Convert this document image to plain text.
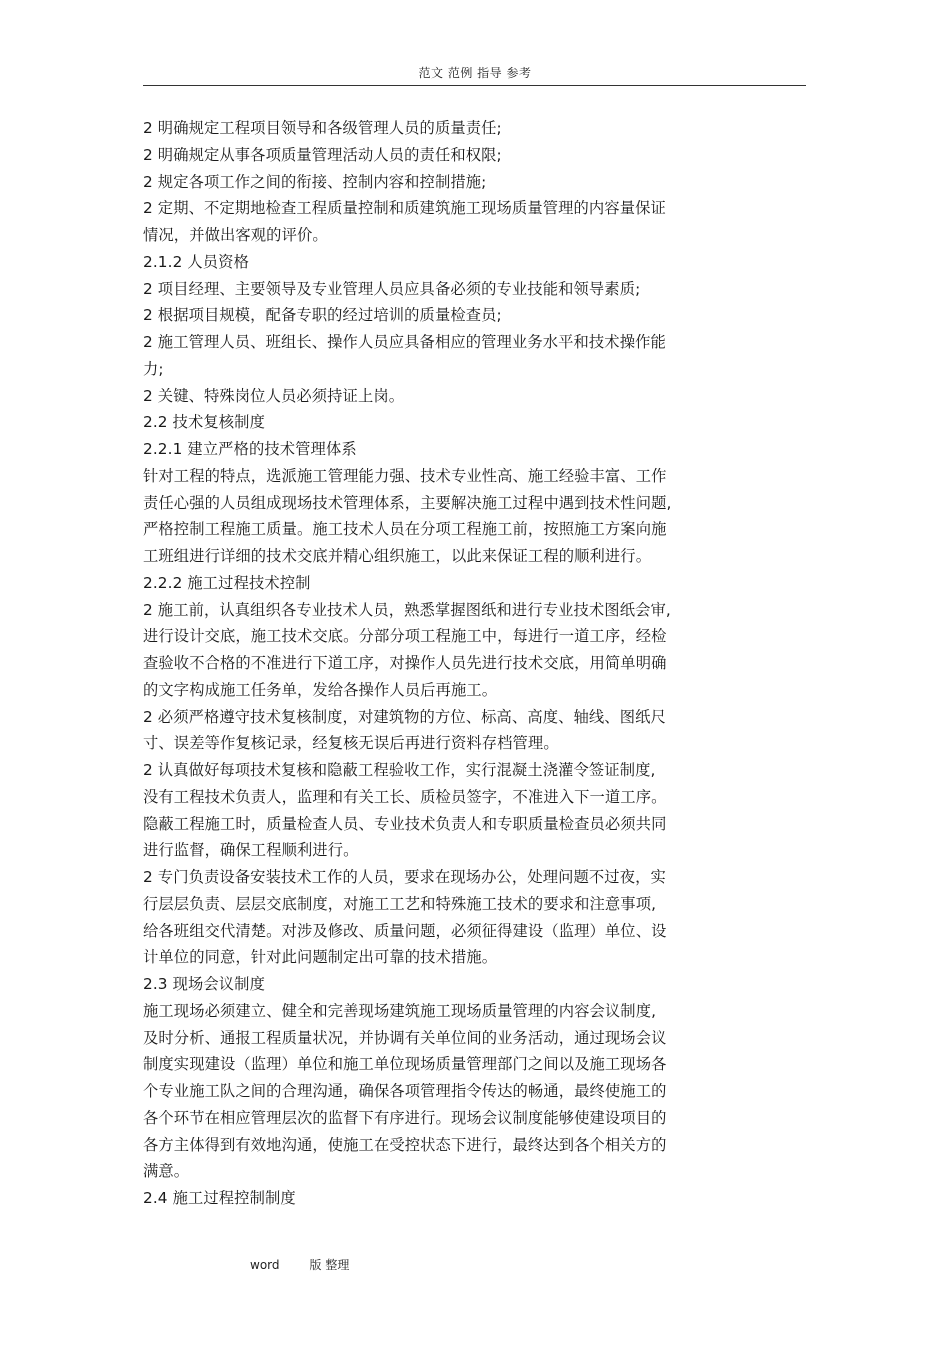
范文 范例 指导 参考
2 明确规定工程项目领导和各级管理人员的质量责任;
2 明确规定从事各项质量管理活动人员的责任和权限;
2 规定各项工作之间的衔接、控制内容和控制措施;
2 定期、不定期地检查工程质量控制和质建筑施工现场质量管理的内容量保证
情况，并做出客观的评价。
2.1.2 人员资格
2 项目经理、主要领导及专业管理人员应具备必须的专业技能和领导素质;
2 根据项目规模，配备专职的经过培训的质量检查员;
2 施工管理人员、班组长、操作人员应具备相应的管理业务水平和技术操作能
力;
2 关键、特殊岗位人员必须持证上岗。
2.2 技术复核制度
2.2.1 建立严格的技术管理体系
针对工程的特点，选派施工管理能力强、技术专业性高、施工经验丰富、工作
责任心强的人员组成现场技术管理体系，主要解决施工过程中遇到技术性问题,
严格控制工程施工质量。施工技术人员在分项工程施工前，按照施工方案向施
工班组进行详细的技术交底并精心组织施工，以此来保证工程的顺利进行。
2.2.2 施工过程技术控制
2 施工前，认真组织各专业技术人员，熟悉掌握图纸和进行专业技术图纸会审,
进行设计交底，施工技术交底。分部分项工程施工中，每进行一道工序，经检
查验收不合格的不准进行下道工序，对操作人员先进行技术交底，用简单明确
的文字构成施工任务单，发给各操作人员后再施工。
2 必须严格遵守技术复核制度，对建筑物的方位、标高、高度、轴线、图纸尺
寸、误差等作复核记录，经复核无误后再进行资料存档管理。
2 认真做好每项技术复核和隐蔽工程验收工作，实行混凝土浇灌令签证制度,
没有工程技术负责人，监理和有关工长、质检员签字，不准进入下一道工序。
隐蔽工程施工时，质量检查人员、专业技术负责人和专职质量检查员必须共同
进行监督，确保工程顺利进行。
2 专门负责设备安装技术工作的人员，要求在现场办公，处理问题不过夜，实
行层层负责、层层交底制度，对施工工艺和特殊施工技术的要求和注意事项,
给各班组交代清楚。对涉及修改、质量问题，必须征得建设（监理）单位、设
计单位的同意，针对此问题制定出可靠的技术措施。
2.3 现场会议制度
施工现场必须建立、健全和完善现场建筑施工现场质量管理的内容会议制度,
及时分析、通报工程质量状况，并协调有关单位间的业务活动，通过现场会议
制度实现建设（监理）单位和施工单位现场质量管理部门之间以及施工现场各
个专业施工队之间的合理沟通，确保各项管理指令传达的畅通，最终使施工的
各个环节在相应管理层次的监督下有序进行。现场会议制度能够使建设项目的
各方主体得到有效地沟通，使施工在受控状态下进行，最终达到各个相关方的
满意。
2.4 施工过程控制制度
word	版 整理
